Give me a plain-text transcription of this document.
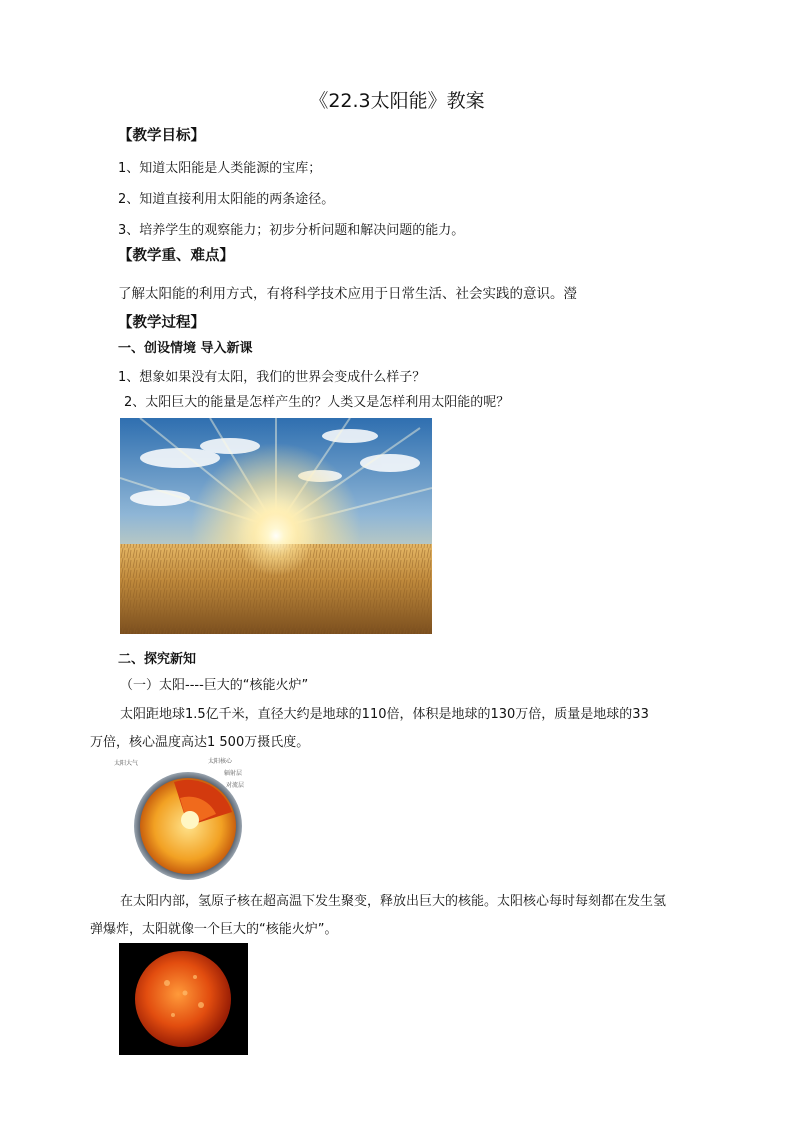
《22.3太阳能》教案
【教学目标】
1、知道太阳能是人类能源的宝库；
2、知道直接利用太阳能的两条途径。
3、培养学生的观察能力；初步分析问题和解决问题的能力。
【教学重、难点】
了解太阳能的利用方式，有将科学技术应用于日常生活、社会实践的意识。瀅
【教学过程】
一、创设情境 导入新课
1、想象如果没有太阳，我们的世界会变成什么样子？
2、太阳巨大的能量是怎样产生的？人类又是怎样利用太阳能的呢？
二、探究新知
（一）太阳----巨大的“核能火炉”
太阳距地球1.5亿千米，直径大约是地球的110倍，体积是地球的130万倍，质量是地球的33
万倍，核心温度高达1 500万摄氏度。
太阳大气	太阳核心
辐射层
对流层
在太阳内部，氢原子核在超高温下发生聚变，释放出巨大的核能。太阳核心每时每刻都在发生氢
弹爆炸，太阳就像一个巨大的“核能火炉”。
